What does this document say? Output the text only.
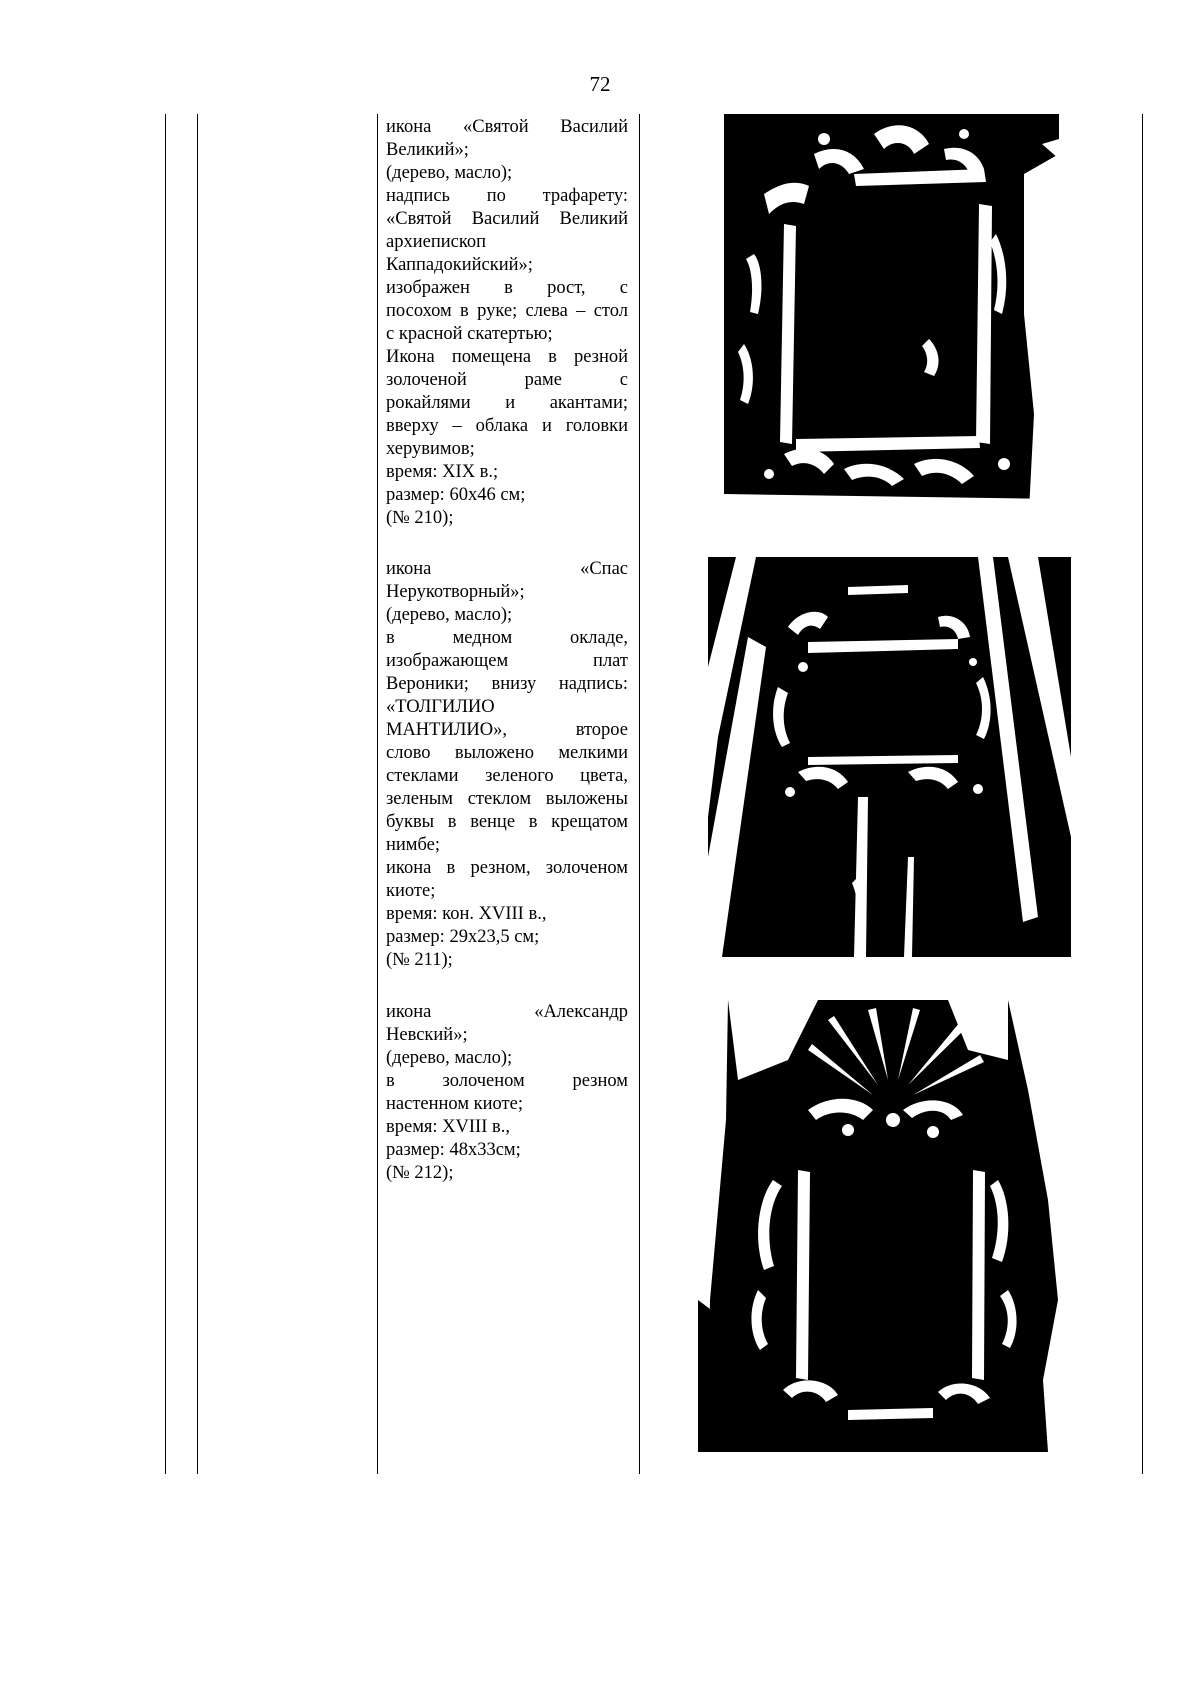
72
икона «Святой Василий
Великий»;
(дерево, масло);
надпись по трафарету:
«Святой Василий Великий
архиепископ
Каппадокийский»;
изображен в рост, с
посохом в руке; слева – стол
с красной скатертью;
Икона помещена в резной
золоченой раме с
рокайлями и акантами;
вверху – облака и головки
херувимов;
время: XIX в.;
размер: 60х46 см;
(№ 210);
икона «Спас
Нерукотворный»;
(дерево, масло);
в медном окладе,
изображающем плат
Вероники; внизу надпись:
«ТОЛГИЛИО
МАНТИЛИО», второе
слово выложено мелкими
стеклами зеленого цвета,
зеленым стеклом выложены
буквы в венце в крещатом
нимбе;
икона в резном, золоченом
киоте;
время: кон. XVIII в.,
размер: 29х23,5 см;
(№ 211);
икона «Александр
Невский»;
(дерево, масло);
в золоченом резном
настенном киоте;
время: XVIII в.,
размер: 48х33см;
(№ 212);
